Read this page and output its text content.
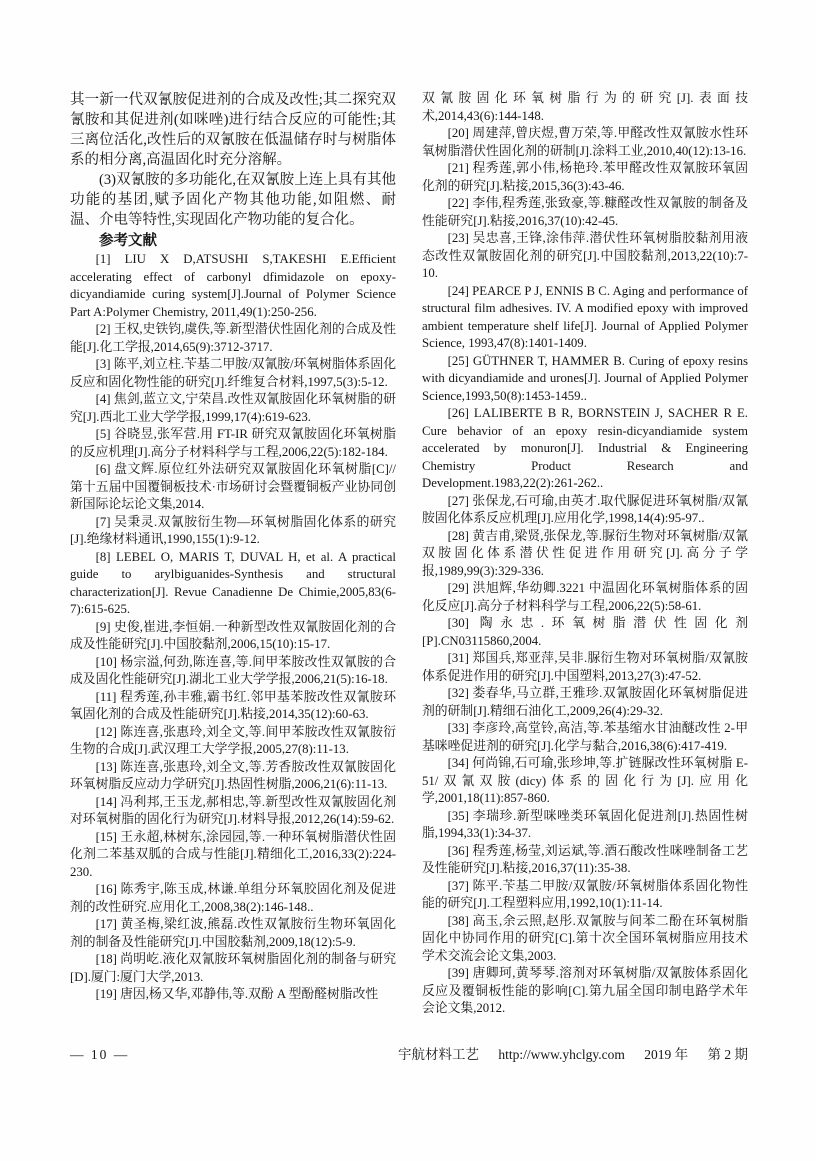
其一新一代双氰胺促进剂的合成及改性;其二探究双氰胺和其促进剂(如咪唑)进行结合反应的可能性;其三离位活化,改性后的双氰胺在低温储存时与树脂体系的相分离,高温固化时充分溶解。

(3)双氰胺的多功能化,在双氰胺上连上具有其他功能的基团,赋予固化产物其他功能,如阻燃、耐温、介电等特性,实现固化产物功能的复合化。

参考文献

[1] LIU X D,ATSUSHI S,TAKESHI E.Efficient accelerating effect of carbonyl dfimidazole on epoxy-dicyandiamide curing system[J].Journal of Polymer Science Part A:Polymer Chemistry, 2011,49(1):250-256.

[2] 王权,史铁钧,虞佚,等.新型潜伏性固化剂的合成及性能[J].化工学报,2014,65(9):3712-3717.

[3] 陈平,刘立柱.苄基二甲胺/双氰胺/环氧树脂体系固化反应和固化物性能的研究[J].纤维复合材料,1997,5(3):5-12.

[4] 焦剑,蓝立文,宁荣昌.改性双氰胺固化环氧树脂的研究[J].西北工业大学学报,1999,17(4):619-623.

[5] 谷晓昱,张军营.用 FT-IR 研究双氰胺固化环氧树脂的反应机理[J].高分子材料科学与工程,2006,22(5):182-184.

[6] 盘文辉.原位红外法研究双氰胺固化环氧树脂[C]//第十五届中国覆铜板技术·市场研讨会暨覆铜板产业协同创新国际论坛论文集,2014.

[7] 吴秉灵.双氰胺衍生物—环氧树脂固化体系的研究[J].绝缘材料通讯,1990,155(1):9-12.

[8] LEBEL O, MARIS T, DUVAL H, et al. A practical guide to arylbiguanides-Synthesis and structural characterization[J]. Revue Canadienne De Chimie,2005,83(6-7):615-625.

[9] 史俊,崔进,李恒娟.一种新型改性双氰胺固化剂的合成及性能研究[J].中国胶黏剂,2006,15(10):15-17.

[10] 杨宗溢,何劲,陈连喜,等.间甲苯胺改性双氰胺的合成及固化性能研究[J].湖北工业大学学报,2006,21(5):16-18.

[11] 程秀莲,孙丰雅,霸书红.邻甲基苯胺改性双氰胺环氧固化剂的合成及性能研究[J].粘接,2014,35(12):60-63.

[12] 陈连喜,张惠玲,刘全文,等.间甲苯胺改性双氰胺衍生物的合成[J].武汉理工大学学报,2005,27(8):11-13.

[13] 陈连喜,张惠玲,刘全文,等.芳香胺改性双氰胺固化环氧树脂反应动力学研究[J].热固性树脂,2006,21(6):11-13.

[14] 冯利邦,王玉龙,郝相忠,等.新型改性双氰胺固化剂对环氧树脂的固化行为研究[J].材料导报,2012,26(14):59-62.

[15] 王永超,林树东,涂园园,等.一种环氧树脂潜伏性固化剂二苯基双胍的合成与性能[J].精细化工,2016,33(2):224-230.

[16] 陈秀宇,陈玉成,林谦.单组分环氧胶固化剂及促进剂的改性研究.应用化工,2008,38(2):146-148..

[17] 黄圣梅,梁红波,熊磊.改性双氰胺衍生物环氧固化剂的制备及性能研究[J].中国胶黏剂,2009,18(12):5-9.

[18] 尚明屹.液化双氰胺环氧树脂固化剂的制备与研究[D].厦门:厦门大学,2013.

[19] 唐因,杨又华,邓静伟,等.双酚 A 型酚醛树脂改性

双氰胺固化环氧树脂行为的研究[J].表面技术,2014,43(6):144-148.

[20] 周建萍,曾庆煜,曹万荣,等.甲醛改性双氰胺水性环氧树脂潜伏性固化剂的研制[J].涂料工业,2010,40(12):13-16.

[21] 程秀莲,郭小伟,杨艳玲.苯甲醛改性双氰胺环氧固化剂的研究[J].粘接,2015,36(3):43-46.

[22] 李伟,程秀莲,张致豪,等.糠醛改性双氰胺的制备及性能研究[J].粘接,2016,37(10):42-45.

[23] 吴忠喜,王锋,涂伟萍.潜伏性环氧树脂胶黏剂用液态改性双氰胺固化剂的研究[J].中国胶黏剂,2013,22(10):7-10.

[24] PEARCE P J, ENNIS B C. Aging and performance of structural film adhesives. IV. A modified epoxy with improved ambient temperature shelf life[J]. Journal of Applied Polymer Science, 1993,47(8):1401-1409.

[25] GÜTHNER T, HAMMER B. Curing of epoxy resins with dicyandiamide and urones[J]. Journal of Applied Polymer Science,1993,50(8):1453-1459..

[26] LALIBERTE B R, BORNSTEIN J, SACHER R E. Cure behavior of an epoxy resin-dicyandiamide system accelerated by monuron[J]. Industrial & Engineering Chemistry Product Research and Development.1983,22(2):261-262..

[27] 张保龙,石可瑜,由英才.取代脲促进环氧树脂/双氰胺固化体系反应机理[J].应用化学,1998,14(4):95-97..

[28] 黄吉甫,梁贤,张保龙,等.脲衍生物对环氧树脂/双氰双胺固化体系潜伏性促进作用研究[J].高分子学报,1989,99(3):329-336.

[29] 洪旭辉,华幼卿.3221 中温固化环氧树脂体系的固化反应[J].高分子材料科学与工程,2006,22(5):58-61.

[30] 陶永忠.环氧树脂潜伏性固化剂[P].CN03115860,2004.

[31] 郑国兵,郑亚萍,吴非.脲衍生物对环氧树脂/双氰胺体系促进作用的研究[J].中国塑料,2013,27(3):47-52.

[32] 娄春华,马立群,王雅珍.双氰胺固化环氧树脂促进剂的研制[J].精细石油化工,2009,26(4):29-32.

[33] 李彦玲,高堂铃,高洁,等.苯基缩水甘油醚改性 2-甲基咪唑促进剂的研究[J].化学与黏合,2016,38(6):417-419.

[34] 何尚锦,石可瑜,张珍坤,等.扩链脲改性环氧树脂 E-51/双氰双胺(dicy)体系的固化行为[J].应用化学,2001,18(11):857-860.

[35] 李瑞珍.新型咪唑类环氧固化促进剂[J].热固性树脂,1994,33(1):34-37.

[36] 程秀莲,杨莹,刘运斌,等.酒石酸改性咪唑制备工艺及性能研究[J].粘接,2016,37(11):35-38.

[37] 陈平.苄基二甲胺/双氰胺/环氧树脂体系固化物性能的研究[J].工程塑料应用,1992,10(1):11-14.

[38] 高玉,余云照,赵彤.双氰胺与间苯二酚在环氧树脂固化中协同作用的研究[C].第十次全国环氧树脂应用技术学术交流会论文集,2003.

[39] 唐卿珂,黄琴琴.溶剂对环氧树脂/双氰胺体系固化反应及覆铜板性能的影响[C].第九届全国印制电路学术年会论文集,2012.

— 10 —	宇航材料工艺 http://www.yhclgy.com 2019 年 第 2 期
